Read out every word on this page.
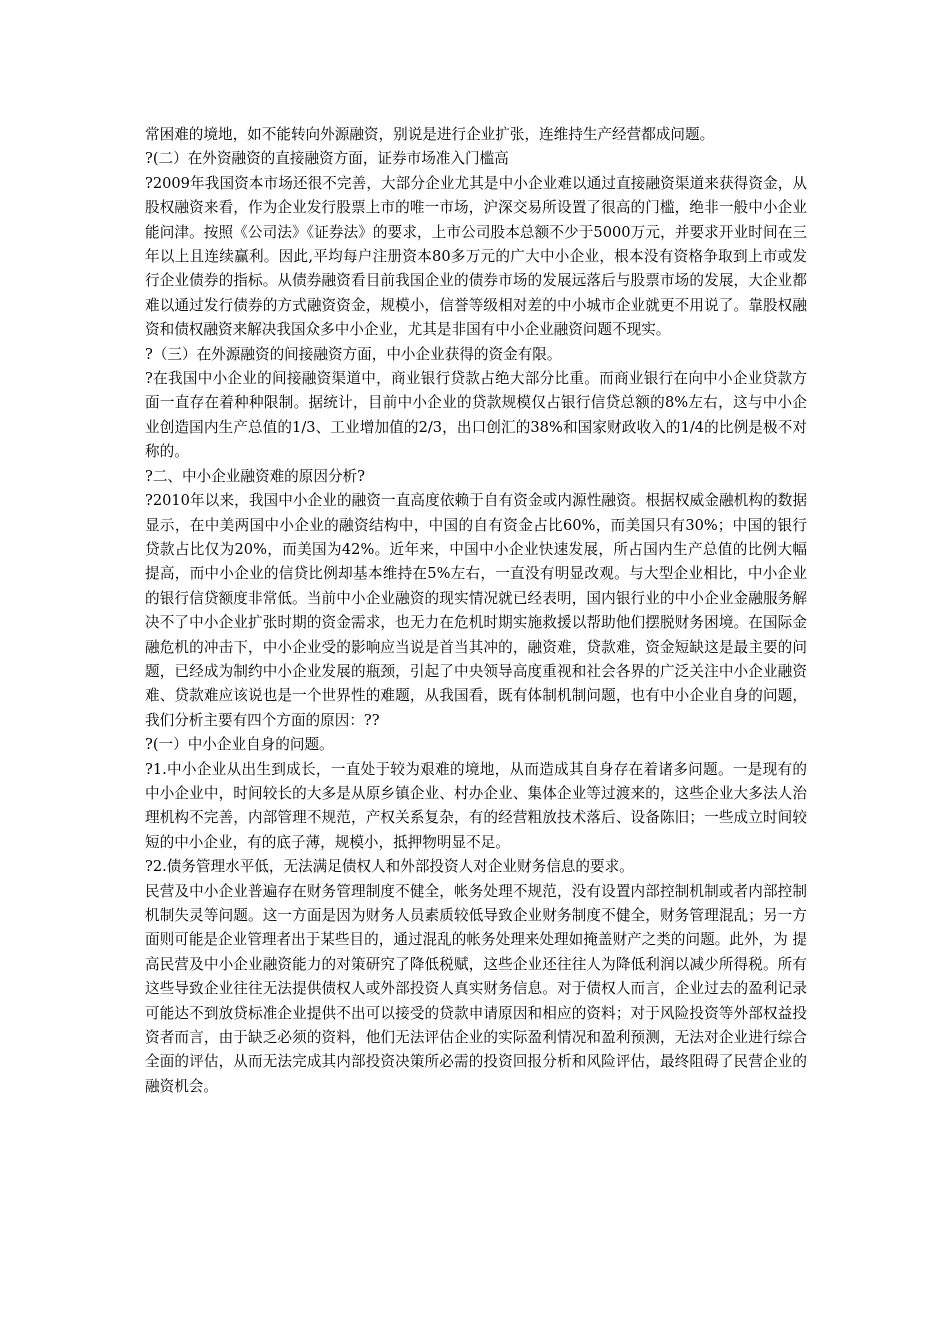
常困难的境地，如不能转向外源融资，别说是进行企业扩张，连维持生产经营都成问题。

?(二）在外资融资的直接融资方面，证券市场准入门槛高

?2009年我国资本市场还很不完善，大部分企业尤其是中小企业难以通过直接融资渠道来获得资金，从股权融资来看，作为企业发行股票上市的唯一市场，沪深交易所设置了很高的门槛，绝非一般中小企业能问津。按照《公司法》《证券法》的要求，上市公司股本总额不少于5000万元，并要求开业时间在三年以上且连续赢利。因此,平均每户注册资本80多万元的广大中小企业，根本没有资格争取到上市或发行企业债券的指标。从债券融资看目前我国企业的债券市场的发展远落后与股票市场的发展，大企业都难以通过发行债券的方式融资资金，规模小，信誉等级相对差的中小城市企业就更不用说了。靠股权融资和债权融资来解决我国众多中小企业，尤其是非国有中小企业融资问题不现实。

?（三）在外源融资的间接融资方面，中小企业获得的资金有限。

?在我国中小企业的间接融资渠道中，商业银行贷款占绝大部分比重。而商业银行在向中小企业贷款方面一直存在着种种限制。据统计，目前中小企业的贷款规模仅占银行信贷总额的8%左右，这与中小企业创造国内生产总值的1/3、工业增加值的2/3，出口创汇的38%和国家财政收入的1/4的比例是极不对称的。

?二、中小企业融资难的原因分析?

?2010年以来，我国中小企业的融资一直高度依赖于自有资金或内源性融资。根据权威金融机构的数据显示，在中美两国中小企业的融资结构中，中国的自有资金占比60%，而美国只有30%；中国的银行贷款占比仅为20%，而美国为42%。近年来，中国中小企业快速发展，所占国内生产总值的比例大幅提高，而中小企业的信贷比例却基本维持在5%左右，一直没有明显改观。与大型企业相比，中小企业的银行信贷额度非常低。当前中小企业融资的现实情况就已经表明，国内银行业的中小企业金融服务解决不了中小企业扩张时期的资金需求，也无力在危机时期实施救援以帮助他们摆脱财务困境。在国际金融危机的冲击下，中小企业受的影响应当说是首当其冲的，融资难，贷款难，资金短缺这是最主要的问题，已经成为制约中小企业发展的瓶颈，引起了中央领导高度重视和社会各界的广泛关注中小企业融资难、贷款难应该说也是一个世界性的难题，从我国看，既有体制机制问题，也有中小企业自身的问题，我们分析主要有四个方面的原因：??

?(一）中小企业自身的问题。

?1.中小企业从出生到成长，一直处于较为艰难的境地，从而造成其自身存在着诸多问题。一是现有的中小企业中，时间较长的大多是从原乡镇企业、村办企业、集体企业等过渡来的，这些企业大多法人治理机构不完善，内部管理不规范，产权关系复杂，有的经营粗放技术落后、设备陈旧；一些成立时间较短的中小企业，有的底子薄，规模小，抵押物明显不足。

?2.债务管理水平低，无法满足债权人和外部投资人对企业财务信息的要求。

民营及中小企业普遍存在财务管理制度不健全，帐务处理不规范，没有设置内部控制机制或者内部控制机制失灵等问题。这一方面是因为财务人员素质较低导致企业财务制度不健全，财务管理混乱；另一方面则可能是企业管理者出于某些目的，通过混乱的帐务处理来处理如掩盖财产之类的问题。此外，为 提高民营及中小企业融资能力的对策研究了降低税赋，这些企业还往往人为降低利润以减少所得税。所有这些导致企业往往无法提供债权人或外部投资人真实财务信息。对于债权人而言，企业过去的盈利记录可能达不到放贷标准企业提供不出可以接受的贷款申请原因和相应的资料；对于风险投资等外部权益投资者而言，由于缺乏必须的资料，他们无法评估企业的实际盈利情况和盈利预测，无法对企业进行综合全面的评估，从而无法完成其内部投资决策所必需的投资回报分析和风险评估，最终阻碍了民营企业的融资机会。
